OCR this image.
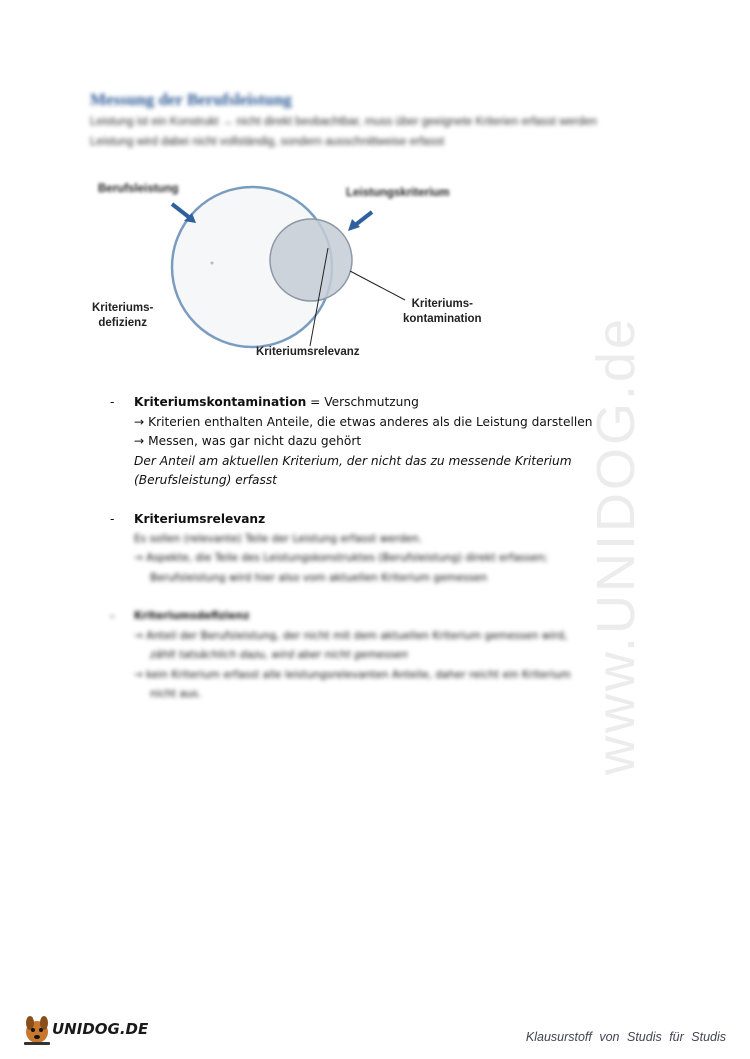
Messung der Berufsleistung
Leistung ist ein Konstrukt → nicht direkt beobachtbar, muss über geeignete Kriterien erfasst werden
Leistung wird dabei nicht vollständig, sondern ausschnittweise erfasst
Berufsleistung	Leistungskriterium
Kriteriums-
defizienz
Kriteriums-
kontamination
Kriteriumsrelevanz
- Kriteriumskontamination = Verschmutzung
→ Kriterien enthalten Anteile, die etwas anderes als die Leistung darstellen
→ Messen, was gar nicht dazu gehört
Der Anteil am aktuellen Kriterium, der nicht das zu messende Kriterium (Berufsleistung) erfasst
- Kriteriumsrelevanz
Es sollen (relevante) Teile der Leistung erfasst werden.
→ Aspekte, die Teile des Leistungskonstruktes (Berufsleistung) direkt erfassen;
Berufsleistung wird hier also vom aktuellen Kriterium gemessen
- Kriteriumsdefizienz
→ Anteil der Berufsleistung, der nicht mit dem aktuellen Kriterium gemessen wird,
zählt tatsächlich dazu, wird aber nicht gemessen
→ kein Kriterium erfasst alle leistungsrelevanten Anteile, daher reicht ein Kriterium
nicht aus.	www.UNIDOG.de
UNIDOG.DE	Klausurstoff von Studis für Studis
